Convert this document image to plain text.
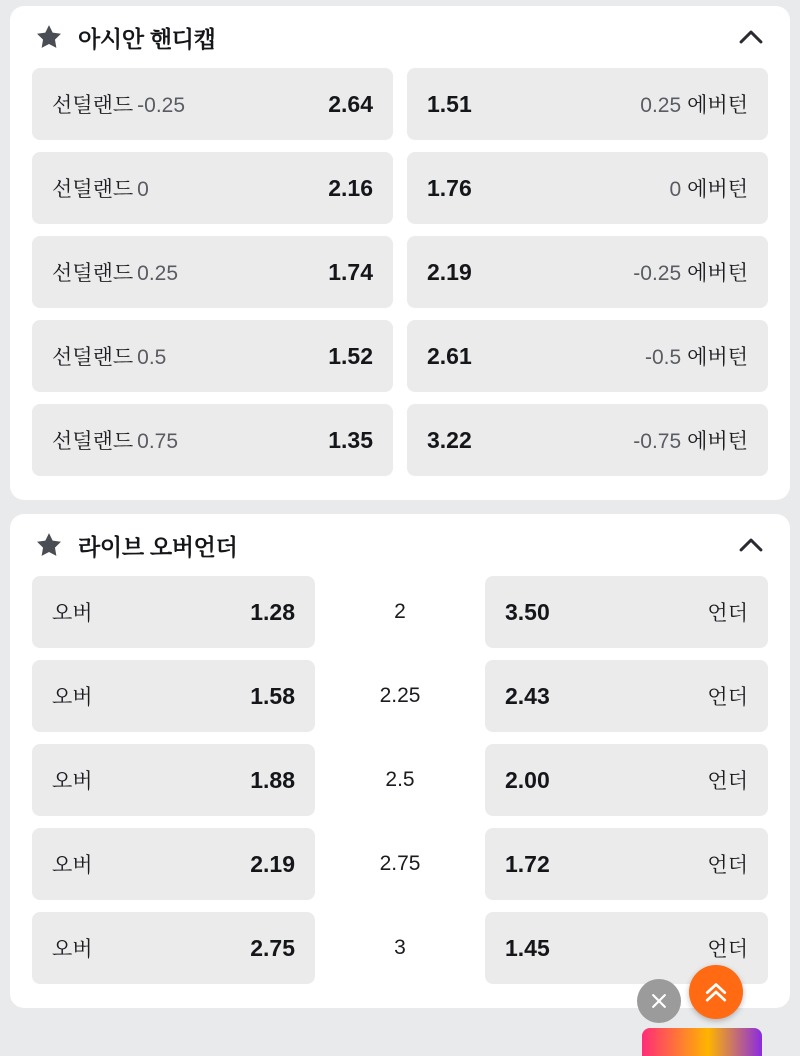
아시안 핸디캡
선덜랜드 -0.25	2.64 1.51	0.25 에버턴
선덜랜드 0	2.16 1.76	0 에버턴
선덜랜드 0.25	1.74 2.19	-0.25 에버턴
선덜랜드 0.5	1.52 2.61	-0.5 에버턴
선덜랜드 0.75	1.35 3.22	-0.75 에버턴
라이브 오버언더
오버	1.28	2	3.50	언더
오버	1.58	2.25	2.43	언더
오버	1.88	2.5	2.00	언더
오버	2.19	2.75	1.72	언더
오버	2.75	3	1.45	언더
